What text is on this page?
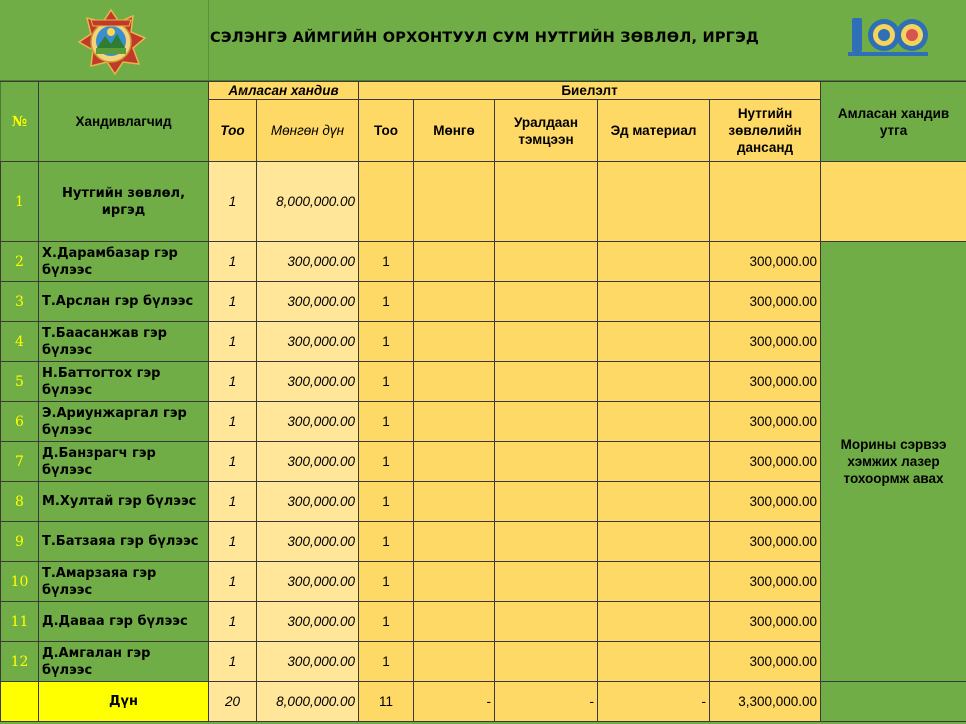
СЭЛЭНГЭ АЙМГИЙН ОРХОНТУУЛ СУМ НУТГИЙН ЗӨВЛӨЛ, ИРГЭД
№	Хандивлагчид	Амласан хандив		Биелэлт					Амласан хандив утга
		Тоо	Мөнгөн дүн	Тоо	Мөнгө	Уралдаан тэмцээн	Эд материал	Нутгийн зөвлөлийн дансанд	

1	Нутгийн зөвлөл, иргэд	1	8,000,000.00						
2	Х.Дарамбазар гэр бүлээс	1	300,000.00	1				300,000.00	Морины сэрвээ хэмжих лазер тохоормж авах
3	Т.Арслан гэр бүлээс	1	300,000.00	1				300,000.00	
4	Т.Баасанжав гэр бүлээс	1	300,000.00	1				300,000.00	
5	Н.Баттогтох гэр бүлээс	1	300,000.00	1				300,000.00	
6	Э.Ариунжаргал гэр бүлээс	1	300,000.00	1				300,000.00	
7	Д.Банзрагч гэр бүлээс	1	300,000.00	1				300,000.00	
8	М.Хултай гэр бүлээс	1	300,000.00	1				300,000.00	
9	Т.Батзаяа гэр бүлээс	1	300,000.00	1				300,000.00	
10	Т.Амарзаяа гэр бүлээс	1	300,000.00	1				300,000.00	
11	Д.Даваа гэр бүлээс	1	300,000.00	1				300,000.00	
12	Д.Амгалан гэр бүлээс	1	300,000.00	1				300,000.00	
	Дүн	20	8,000,000.00	11	-	-	-	3,300,000.00	
